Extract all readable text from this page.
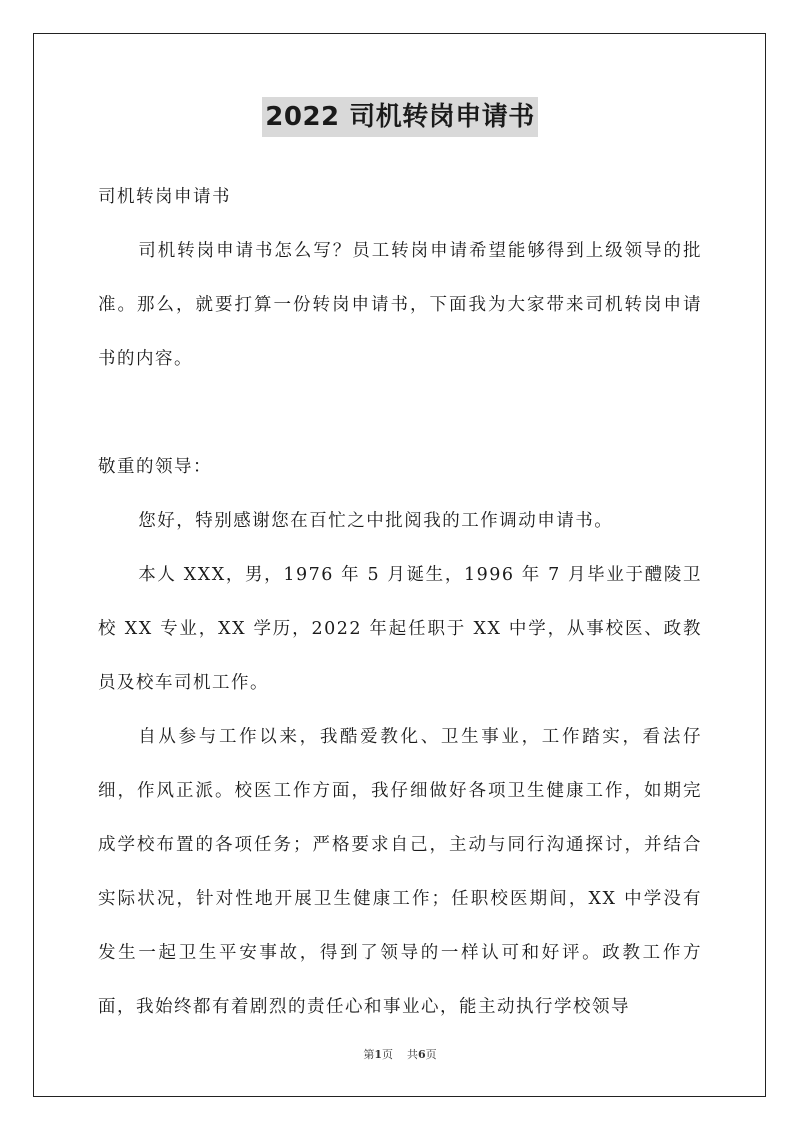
2022 司机转岗申请书

司机转岗申请书

司机转岗申请书怎么写？员工转岗申请希望能够得到上级领导的批准。那么，就要打算一份转岗申请书，下面我为大家带来司机转岗申请书的内容。

敬重的领导：

您好，特别感谢您在百忙之中批阅我的工作调动申请书。

本人 XXX，男，1976 年 5 月诞生，1996 年 7 月毕业于醴陵卫校 XX 专业，XX 学历，2022 年起任职于 XX 中学，从事校医、政教员及校车司机工作。

自从参与工作以来，我酷爱教化、卫生事业，工作踏实，看法仔细，作风正派。校医工作方面，我仔细做好各项卫生健康工作，如期完成学校布置的各项任务；严格要求自己，主动与同行沟通探讨，并结合实际状况，针对性地开展卫生健康工作；任职校医期间，XX 中学没有发生一起卫生平安事故，得到了领导的一样认可和好评。政教工作方面，我始终都有着剧烈的责任心和事业心，能主动执行学校领导

第1页 共6页
